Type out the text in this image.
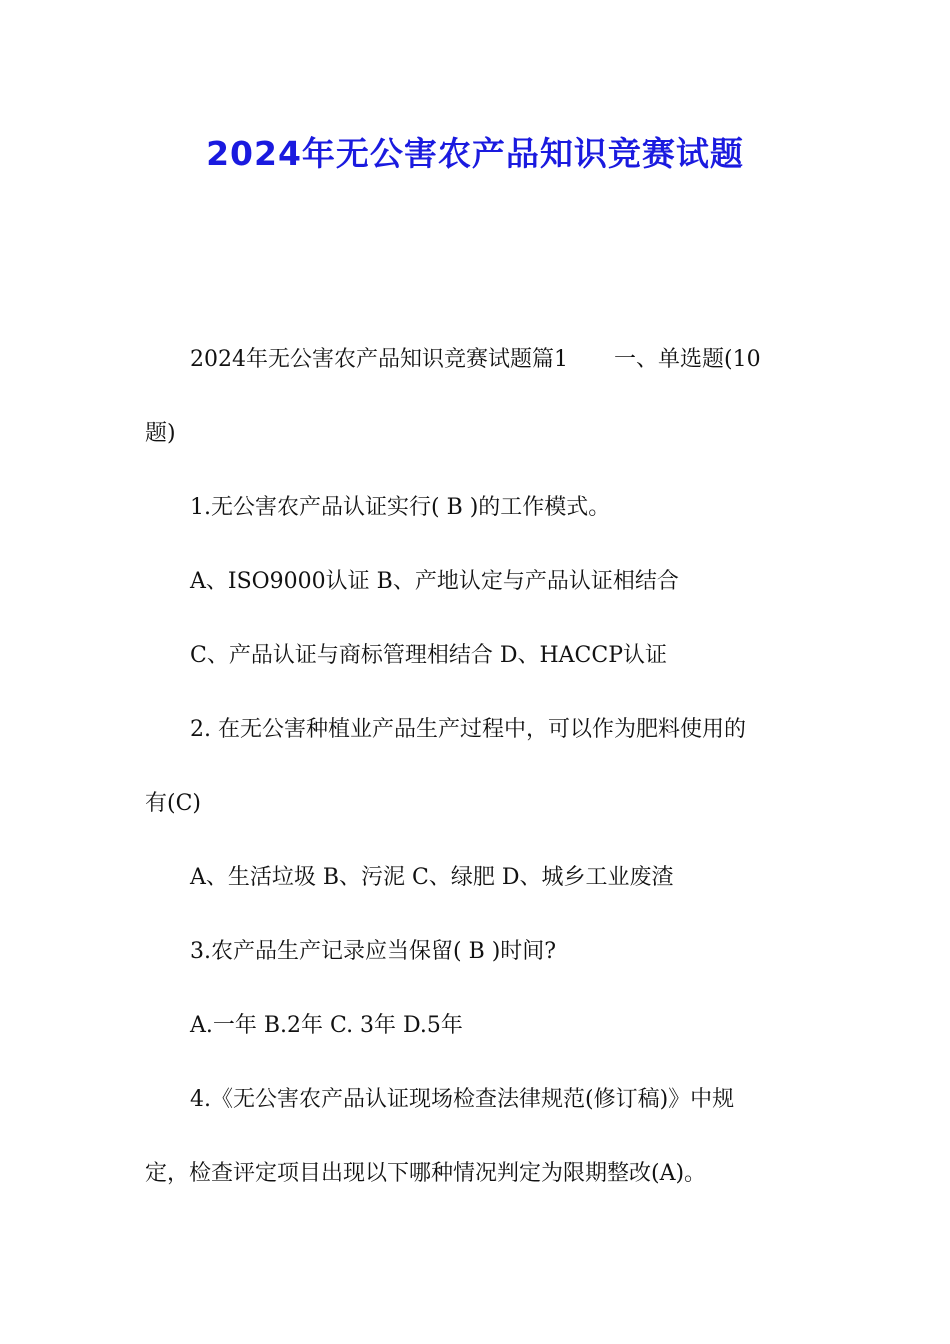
2024年无公害农产品知识竞赛试题

2024年无公害农产品知识竞赛试题篇1 一、单选题(10

题)

1.无公害农产品认证实行( B )的工作模式。

A、ISO9000认证 B、产地认定与产品认证相结合

C、产品认证与商标管理相结合 D、HACCP认证

2. 在无公害种植业产品生产过程中，可以作为肥料使用的

有(C)

A、生活垃圾 B、污泥 C、绿肥 D、城乡工业废渣

3.农产品生产记录应当保留( B )时间?

A.一年 B.2年 C. 3年 D.5年

4.《无公害农产品认证现场检查法律规范(修订稿)》中规

定，检查评定项目出现以下哪种情况判定为限期整改(A)。
